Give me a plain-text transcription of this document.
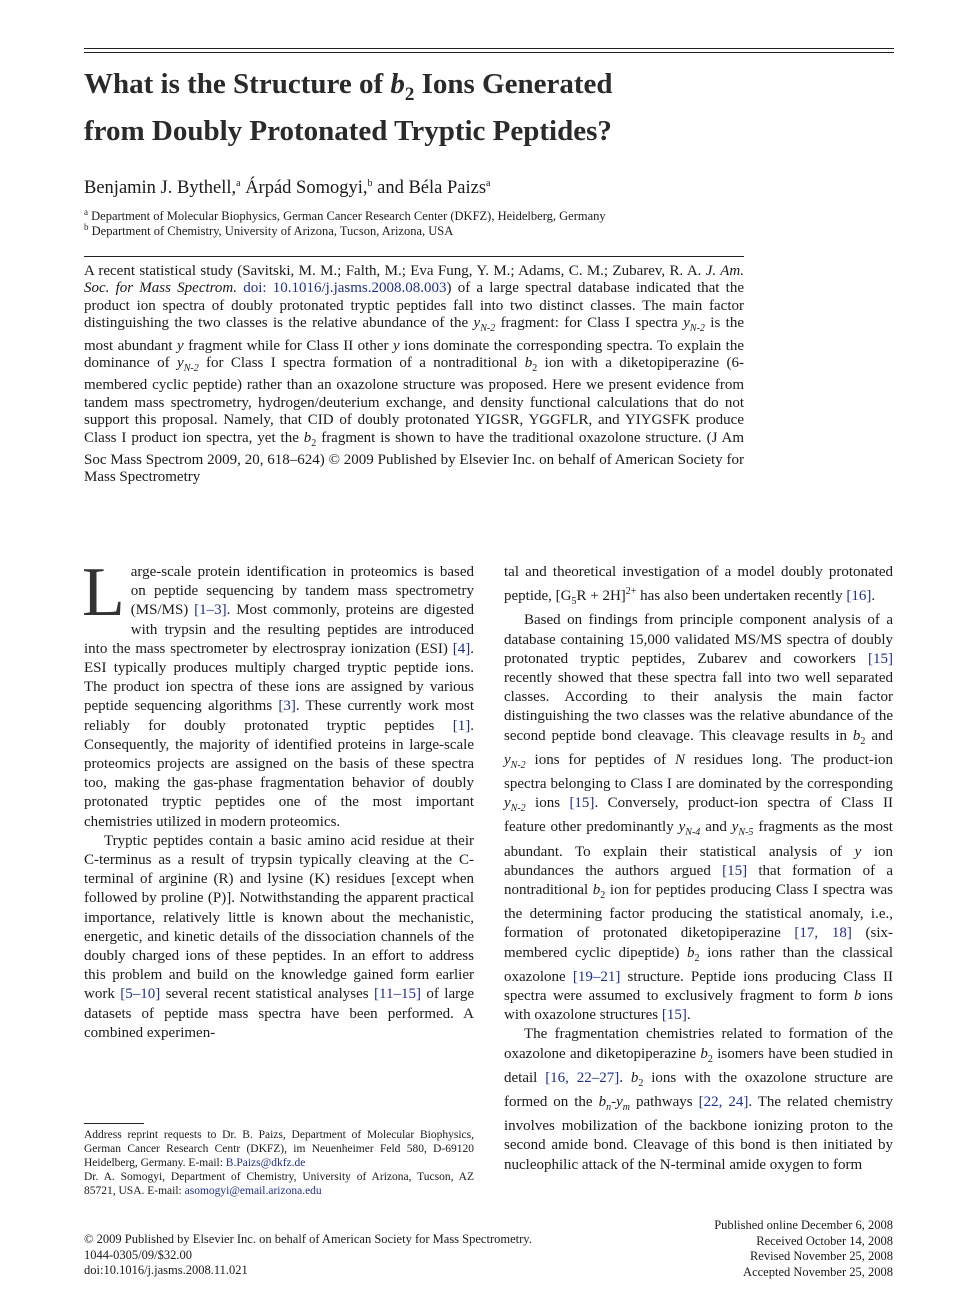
What is the Structure of $b_2$ Ions Generated
from Doubly Protonated Tryptic Peptides?
Benjamin J. Bythell,$^a$ Árpád Somogyi,$^b$ and Béla Paizs$^a$
$^a$ Department of Molecular Biophysics, German Cancer Research Center (DKFZ), Heidelberg, Germany
$^b$ Department of Chemistry, University of Arizona, Tucson, Arizona, USA

A recent statistical study (Savitski, M. M.; Falth, M.; Eva Fung, Y. M.; Adams, C. M.; Zubarev, R. A. J. Am. Soc. for Mass Spectrom. doi: 10.1016/j.jasms.2008.08.003) of a large spectral database indicated that the product ion spectra of doubly protonated tryptic peptides fall into two distinct classes. The main factor distinguishing the two classes is the relative abundance of the $y_{N-2}$ fragment: for Class I spectra $y_{N-2}$ is the most abundant y fragment while for Class II other y ions dominate the corresponding spectra. To explain the dominance of $y_{N-2}$ for Class I spectra formation of a nontraditional $b_2$ ion with a diketopiperazine (6-membered cyclic peptide) rather than an oxazolone structure was proposed. Here we present evidence from tandem mass spectrometry, hydrogen/deuterium exchange, and density functional calculations that do not support this proposal. Namely, that CID of doubly protonated YIGSR, YGGFLR, and YIYGSFK produce Class I product ion spectra, yet the $b_2$ fragment is shown to have the traditional oxazolone structure. (J Am Soc Mass Spectrom 2009, 20, 618–624) © 2009 Published by Elsevier Inc. on behalf of American Society for Mass Spectrometry

Large-scale protein identification in proteomics is based on peptide sequencing by tandem mass spectrometry (MS/MS) [1–3]. Most commonly, proteins are digested with trypsin and the resulting peptides are introduced into the mass spectrometer by electrospray ionization (ESI) [4]. ESI typically produces multiply charged tryptic peptide ions. The product ion spectra of these ions are assigned by various peptide sequencing algorithms [3]. These currently work most reliably for doubly protonated tryptic peptides [1]. Consequently, the majority of identified proteins in large-scale proteomics projects are assigned on the basis of these spectra too, making the gas-phase fragmentation behavior of doubly protonated tryptic peptides one of the most important chemistries utilized in modern proteomics.

Tryptic peptides contain a basic amino acid residue at their C-terminus as a result of trypsin typically cleaving at the C-terminal of arginine (R) and lysine (K) residues [except when followed by proline (P)]. Notwithstanding the apparent practical importance, relatively little is known about the mechanistic, energetic, and kinetic details of the dissociation channels of the doubly charged ions of these peptides. In an effort to address this problem and build on the knowledge gained form earlier work [5–10] several recent statistical analyses [11–15] of large datasets of peptide mass spectra have been performed. A combined experimen-

tal and theoretical investigation of a model doubly protonated peptide, $[G_5R + 2H]^{2+}$ has also been undertaken recently [16].

Based on findings from principle component analysis of a database containing 15,000 validated MS/MS spectra of doubly protonated tryptic peptides, Zubarev and coworkers [15] recently showed that these spectra fall into two well separated classes. According to their analysis the main factor distinguishing the two classes was the relative abundance of the second peptide bond cleavage. This cleavage results in $b_2$ and $y_{N-2}$ ions for peptides of N residues long. The product-ion spectra belonging to Class I are dominated by the corresponding $y_{N-2}$ ions [15]. Conversely, product-ion spectra of Class II feature other predominantly $y_{N-4}$ and $y_{N-5}$ fragments as the most abundant. To explain their statistical analysis of y ion abundances the authors argued [15] that formation of a nontraditional $b_2$ ion for peptides producing Class I spectra was the determining factor producing the statistical anomaly, i.e., formation of protonated diketopiperazine [17, 18] (six-membered cyclic dipeptide) $b_2$ ions rather than the classical oxazolone [19–21] structure. Peptide ions producing Class II spectra were assumed to exclusively fragment to form b ions with oxazolone structures [15].

The fragmentation chemistries related to formation of the oxazolone and diketopiperazine $b_2$ isomers have been studied in detail [16, 22–27]. $b_2$ ions with the oxazolone structure are formed on the $b_n-y_m$ pathways [22, 24]. The related chemistry involves mobilization of the backbone ionizing proton to the second amide bond. Cleavage of this bond is then initiated by nucleophilic attack of the N-terminal amide oxygen to form

Address reprint requests to Dr. B. Paizs, Department of Molecular Biophysics, German Cancer Research Centr (DKFZ), im Neuenheimer Feld 580, D-69120 Heidelberg, Germany. E-mail: B.Paizs@dkfz.de

Dr. A. Somogyi, Department of Chemistry, University of Arizona, Tucson, AZ 85721, USA. E-mail: asomogyi@email.arizona.edu

© 2009 Published by Elsevier Inc. on behalf of American Society for Mass Spectrometry.
1044-0305/09/$32.00
doi:10.1016/j.jasms.2008.11.021
Published online December 6, 2008
Received October 14, 2008
Revised November 25, 2008
Accepted November 25, 2008
